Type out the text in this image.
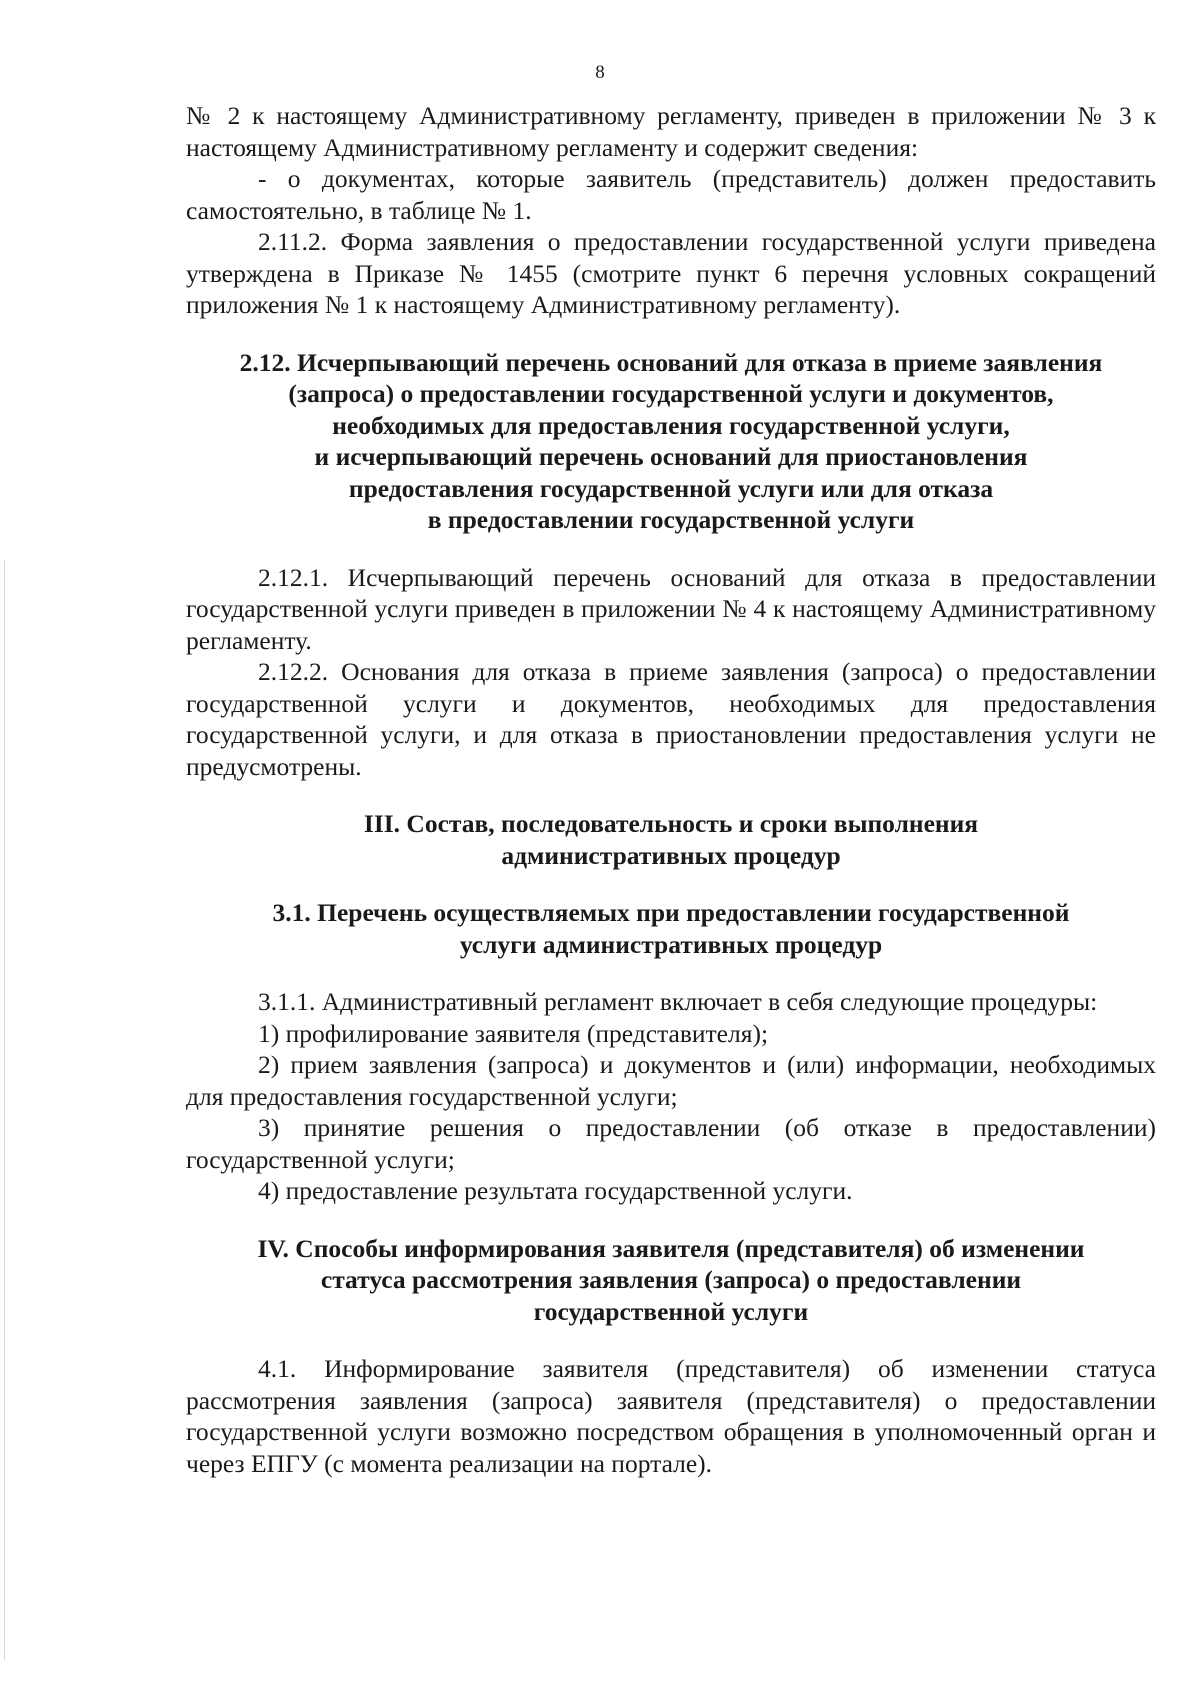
8

№ 2 к настоящему Административному регламенту, приведен в приложении № 3 к настоящему Административному регламенту и содержит сведения:

- о документах, которые заявитель (представитель) должен предоставить самостоятельно, в таблице № 1.

2.11.2. Форма заявления о предоставлении государственной услуги приведена утверждена в Приказе № 1455 (смотрите пункт 6 перечня условных сокращений приложения № 1 к настоящему Административному регламенту).

2.12. Исчерпывающий перечень оснований для отказа в приеме заявления
(запроса) о предоставлении государственной услуги и документов,
необходимых для предоставления государственной услуги,
и исчерпывающий перечень оснований для приостановления
предоставления государственной услуги или для отказа
в предоставлении государственной услуги

2.12.1. Исчерпывающий перечень оснований для отказа в предоставлении государственной услуги приведен в приложении № 4 к настоящему Административному регламенту.

2.12.2. Основания для отказа в приеме заявления (запроса) о предоставлении государственной услуги и документов, необходимых для предоставления государственной услуги, и для отказа в приостановлении предоставления услуги не предусмотрены.

III. Состав, последовательность и сроки выполнения
административных процедур
3.1. Перечень осуществляемых при предоставлении государственной
услуги административных процедур

3.1.1. Административный регламент включает в себя следующие процедуры:

1) профилирование заявителя (представителя);

2) прием заявления (запроса) и документов и (или) информации, необходимых для предоставления государственной услуги;

3) принятие решения о предоставлении (об отказе в предоставлении) государственной услуги;

4) предоставление результата государственной услуги.

IV. Способы информирования заявителя (представителя) об изменении
статуса рассмотрения заявления (запроса) о предоставлении
государственной услуги

4.1. Информирование заявителя (представителя) об изменении статуса рассмотрения заявления (запроса) заявителя (представителя) о предоставлении государственной услуги возможно посредством обращения в уполномоченный орган и через ЕПГУ (с момента реализации на портале).
